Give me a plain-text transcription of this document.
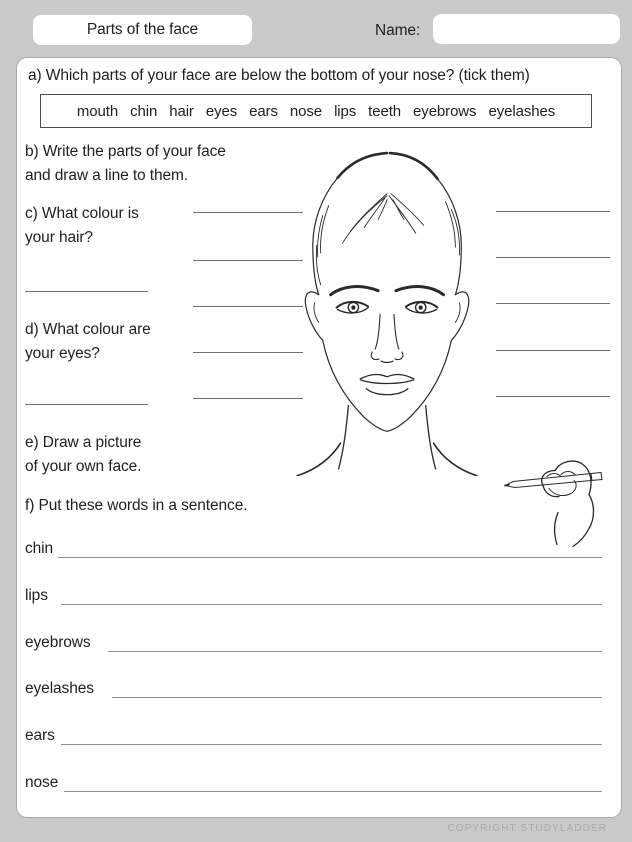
Parts of the face	Name:
a) Which parts of your face are below the bottom of your nose? (tick them)
mouth chin hair eyes ears nose lips teeth eyebrows eyelashes
b) Write the parts of your face
and draw a line to them.
c) What colour is
your hair?
d) What colour are
your eyes?
e) Draw a picture
of your own face.
f) Put these words in a sentence.
chin
lips
eyebrows
eyelashes
ears
nose
COPYRIGHT STUDYLADDER
